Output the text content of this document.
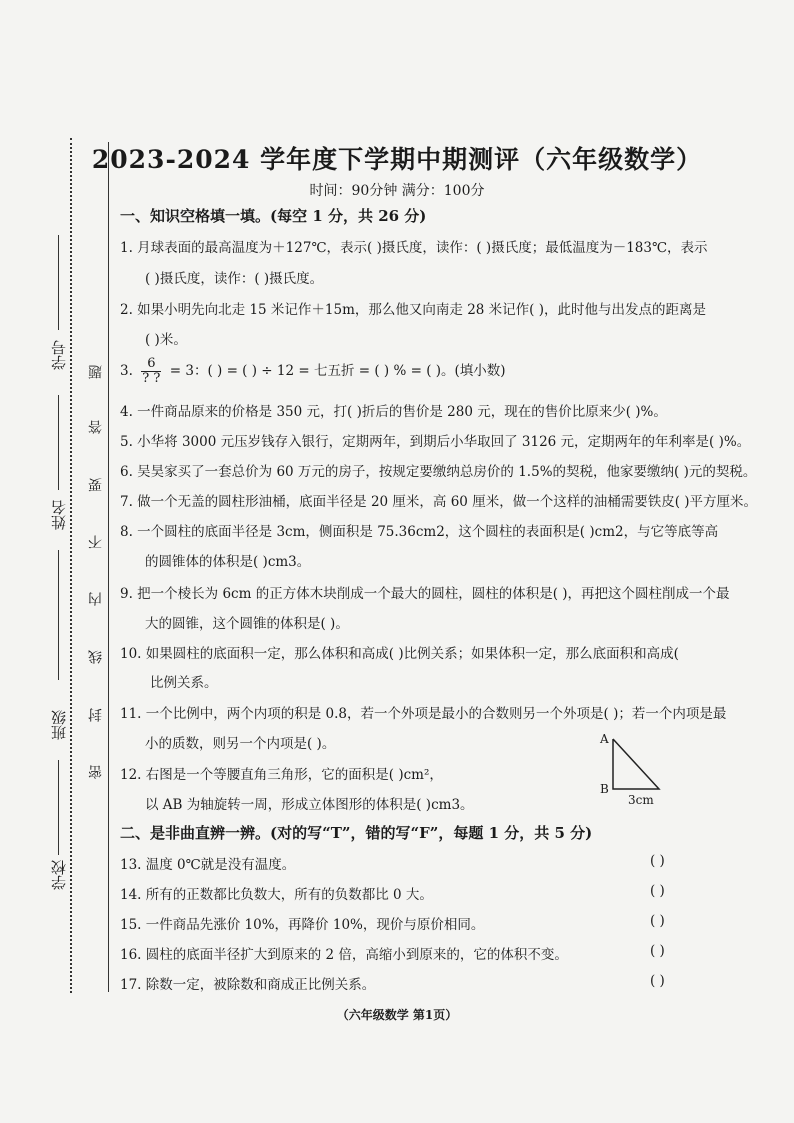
学号
姓名
班级
学校
题
答
要
不
内
线
封
密
2023-2024 学年度下学期中期测评（六年级数学）
时间：90分钟 满分：100分
一、知识空格填一填。(每空 1 分，共 26 分)
1. 月球表面的最高温度为＋127℃，表示( )摄氏度，读作：( )摄氏度；最低温度为－183℃，表示
( )摄氏度，读作：( )摄氏度。
2. 如果小明先向北走 15 米记作＋15m，那么他又向南走 28 米记作( )，此时他与出发点的距离是
( )米。
3. $\frac{6}{? ?} = 3$：( ) = ( ) ÷ 12 = 七五折 = ( ) % = ( )。(填小数)
4. 一件商品原来的价格是 350 元，打( )折后的售价是 280 元，现在的售价比原来少( )%。
5. 小华将 3000 元压岁钱存入银行，定期两年，到期后小华取回了 3126 元，定期两年的年利率是( )%。
6. 吴昊家买了一套总价为 60 万元的房子，按规定要缴纳总房价的 1.5%的契税，他家要缴纳( )元的契税。
7. 做一个无盖的圆柱形油桶，底面半径是 20 厘米，高 60 厘米，做一个这样的油桶需要铁皮( )平方厘米。
8. 一个圆柱的底面半径是 3cm，侧面积是 75.36cm2，这个圆柱的表面积是( )cm2，与它等底等高
的圆锥体的体积是( )cm3。
9. 把一个棱长为 6cm 的正方体木块削成一个最大的圆柱，圆柱的体积是( )，再把这个圆柱削成一个最
大的圆锥，这个圆锥的体积是( )。
10. 如果圆柱的底面积一定，那么体积和高成( )比例关系；如果体积一定，那么底面积和高成(
比例关系。
11. 一个比例中，两个内项的积是 0.8，若一个外项是最小的合数则另一个外项是( )；若一个内项是最
小的质数，则另一个内项是( )。
12. 右图是一个等腰直角三角形，它的面积是( )cm²，
以 AB 为轴旋转一周，形成立体图形的体积是( )cm3。
A
B
3cm
二、是非曲直辨一辨。(对的写“T”，错的写“F”，每题 1 分，共 5 分)
13. 温度 0℃就是没有温度。	( )
14. 所有的正数都比负数大，所有的负数都比 0 大。	( )
15. 一件商品先涨价 10%，再降价 10%，现价与原价相同。	( )
16. 圆柱的底面半径扩大到原来的 2 倍，高缩小到原来的，它的体积不变。	( )
17. 除数一定，被除数和商成正比例关系。	( )
（六年级数学 第1页）
